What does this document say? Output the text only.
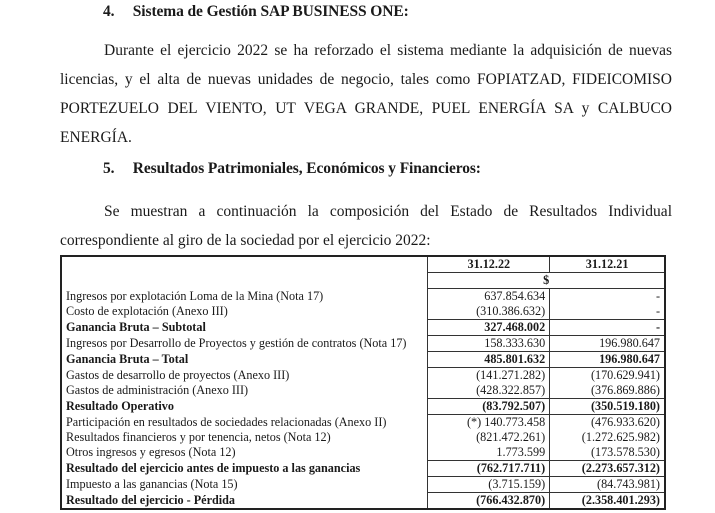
4. Sistema de Gestión SAP BUSINESS ONE:
Durante el ejercicio 2022 se ha reforzado el sistema mediante la adquisición de nuevas licencias, y el alta de nuevas unidades de negocio, tales como FOPIATZAD, FIDEICOMISO PORTEZUELO DEL VIENTO, UT VEGA GRANDE, PUEL ENERGÍA SA y CALBUCO ENERGÍA.
5. Resultados Patrimoniales, Económicos y Financieros:
Se muestran a continuación la composición del Estado de Resultados Individual correspondiente al giro de la sociedad por el ejercicio 2022:
	31.12.22	31.12.21
	$	
Ingresos por explotación Loma de la Mina (Nota 17)	637.854.634	-
Costo de explotación (Anexo III)	(310.386.632)	-
Ganancia Bruta – Subtotal	327.468.002	-
Ingresos por Desarrollo de Proyectos y gestión de contratos (Nota 17)	158.333.630	196.980.647
Ganancia Bruta – Total	485.801.632	196.980.647
Gastos de desarrollo de proyectos (Anexo III)	(141.271.282)	(170.629.941)
Gastos de administración (Anexo III)	(428.322.857)	(376.869.886)
Resultado Operativo	(83.792.507)	(350.519.180)
Participación en resultados de sociedades relacionadas (Anexo II)	(*) 140.773.458	(476.933.620)
Resultados financieros y por tenencia, netos (Nota 12)	(821.472.261)	(1.272.625.982)
Otros ingresos y egresos (Nota 12)	1.773.599	(173.578.530)
Resultado del ejercicio antes de impuesto a las ganancias	(762.717.711)	(2.273.657.312)
Impuesto a las ganancias (Nota 15)	(3.715.159)	(84.743.981)
Resultado del ejercicio - Pérdida	(766.432.870)	(2.358.401.293)
